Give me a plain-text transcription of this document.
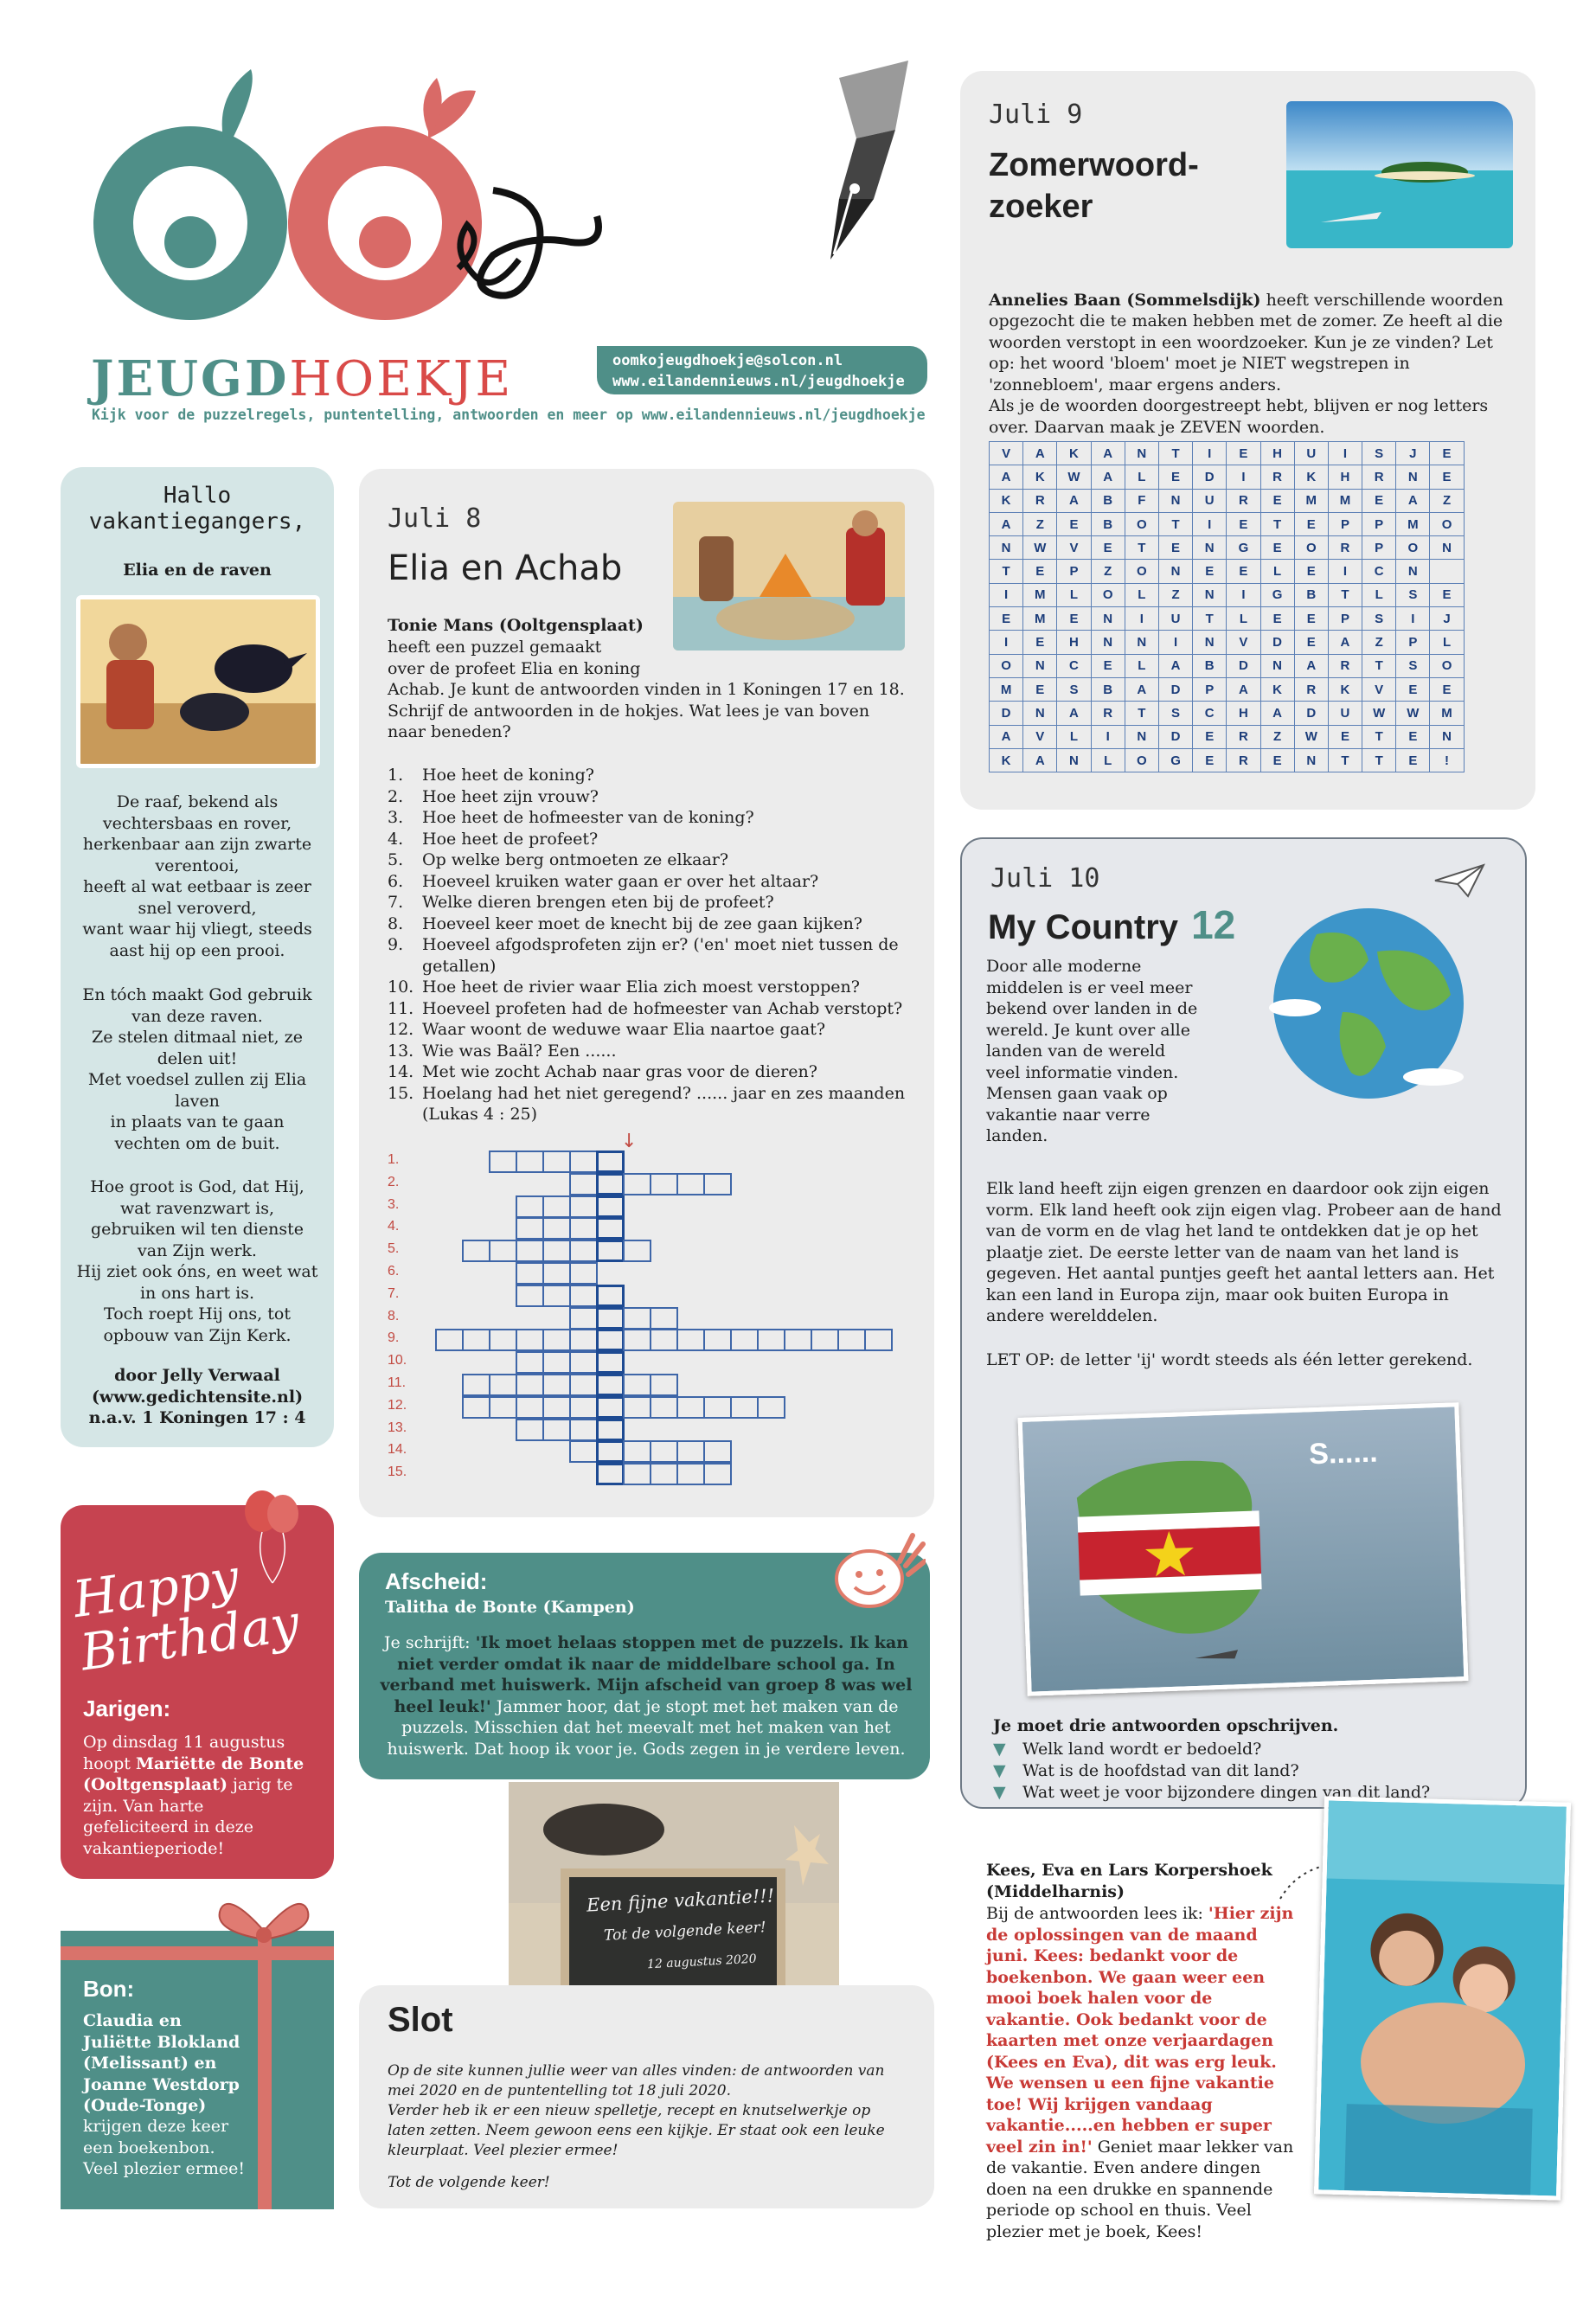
JEUGDHOEKJE	oomkojeugdhoekje@solcon.nl
www.eilandennieuws.nl/jeugdhoekje
Kijk voor de puzzelregels, puntentelling, antwoorden en meer op www.eilandennieuws.nl/jeugdhoekje
Hallo vakantiegangers,
Elia en de raven
De raaf, bekend als
vechtersbaas en rover,
herkenbaar aan zijn zwarte
verentooi,
heeft al wat eetbaar is zeer
snel veroverd,
want waar hij vliegt, steeds
aast hij op een prooi.
En tóch maakt God gebruik
van deze raven.
Ze stelen ditmaal niet, ze
delen uit!
Met voedsel zullen zij Elia
laven
in plaats van te gaan
vechten om de buit.
Hoe groot is God, dat Hij,
wat ravenzwart is,
gebruiken wil ten dienste
van Zijn werk.
Hij ziet ook óns, en weet wat
in ons hart is.
Toch roept Hij ons, tot
opbouw van Zijn Kerk.
door Jelly Verwaal
(www.gedichtensite.nl)
n.a.v. 1 Koningen 17 : 4
Happy Birthday
Jarigen:
Op dinsdag 11 augustus hoopt Mariëtte de Bonte (Ooltgensplaat) jarig te zijn. Van harte gefeliciteerd in deze vakantieperiode!
Bon:
Claudia en Juliëtte Blokland (Melissant) en Joanne Westdorp (Oude-Tonge)
krijgen deze keer een boekenbon. Veel plezier ermee!
Juli 8
Elia en Achab
Tonie Mans (Ooltgensplaat)
heeft een puzzel gemaakt
over de profeet Elia en koning
Achab. Je kunt de antwoorden vinden in 1 Koningen 17 en 18.
Schrijf de antwoorden in de hokjes. Wat lees je van boven
naar beneden?
1.	Hoe heet de koning?
2.	Hoe heet zijn vrouw?
3.	Hoe heet de hofmeester van de koning?
4.	Hoe heet de profeet?
5.	Op welke berg ontmoeten ze elkaar?
6.	Hoeveel kruiken water gaan er over het altaar?
7.	Welke dieren brengen eten bij de profeet?
8.	Hoeveel keer moet de knecht bij de zee gaan kijken?
9.	Hoeveel afgodsprofeten zijn er? ('en' moet niet tussen de getallen)
10. Hoe heet de rivier waar Elia zich moest verstoppen?
11. Hoeveel profeten had de hofmeester van Achab verstopt?
12. Waar woont de weduwe waar Elia naartoe gaat?
13. Wie was Baäl? Een ......
14. Met wie zocht Achab naar gras voor de dieren?
15. Hoelang had het niet geregend? ...... jaar en zes maanden (Lukas 4 : 25)
↓
1.
2.
3.
4.
5.
6.
7.
8.
9.
10.
11.
12.
13.
14.
15.
Afscheid:
Talitha de Bonte (Kampen)
Je schrijft: 'Ik moet helaas stoppen met de puzzels. Ik kan niet verder omdat ik naar de middelbare school ga. In verband met huiswerk. Mijn afscheid van groep 8 was wel heel leuk!' Jammer hoor, dat je stopt met het maken van de puzzels. Misschien dat het meevalt met het maken van het huiswerk. Dat hoop ik voor je. Gods zegen in je verdere leven.
Een fijne vakantie!!!
Tot de volgende keer!
12 augustus 2020
Slot
Op de site kunnen jullie weer van alles vinden: de antwoorden van mei 2020 en de puntentelling tot 18 juli 2020.
Verder heb ik er een nieuw spelletje, recept en knutselwerkje op laten zetten. Neem gewoon eens een kijkje. Er staat ook een leuke kleurplaat. Veel plezier ermee!
Tot de volgende keer!
Juli 9
Zomerwoord-
zoeker

Annelies Baan (Sommelsdijk) heeft verschillende woorden opgezocht die te maken hebben met de zomer. Ze heeft al die woorden verstopt in een woordzoeker. Kun je ze vinden? Let op: het woord 'bloem' moet je NIET wegstrepen in 'zonnebloem', maar ergens anders.
Als je de woorden doorgestreept hebt, blijven er nog letters over. Daarvan maak je ZEVEN woorden.

V	A	K	A	N	T	I	E	H	U	I	S	J	E
A	K	W	A	L	E	D	I	R	K	H	R	N	E
K	R	A	B	F	N	U	R	E	M	M	E	A	Z
A	Z	E	B	O	T	I	E	T	E	P	P	M	O
N	W	V	E	T	E	N	G	E	O	R	P	O	N
T	E	P	Z	O	N	E	E	L	E	I	C	N	
I	M	L	O	L	Z	N	I	G	B	T	L	S	E
E	M	E	N	I	U	T	L	E	E	P	S	I	J
I	E	H	N	N	I	N	V	D	E	A	Z	P	L
O	N	C	E	L	A	B	D	N	A	R	T	S	O
M	E	S	B	A	D	P	A	K	R	K	V	E	E
D	N	A	R	T	S	C	H	A	D	U	W	W	M
A	V	L	I	N	D	E	R	Z	W	E	T	E	N
K	A	N	L	O	G	E	R	E	N	T	T	E	!
Juli 10
My Country 12
Door alle moderne middelen is er veel meer bekend over landen in de wereld. Je kunt over alle landen van de wereld veel informatie vinden. Mensen gaan vaak op vakantie naar verre landen.
Elk land heeft zijn eigen grenzen en daardoor ook zijn eigen vorm. Elk land heeft ook zijn eigen vlag. Probeer aan de hand van de vorm en de vlag het land te ontdekken dat je op het plaatje ziet. De eerste letter van de naam van het land is gegeven. Het aantal puntjes geeft het aantal letters aan. Het kan een land in Europa zijn, maar ook buiten Europa in andere werelddelen.
LET OP: de letter 'ij' wordt steeds als één letter gerekend.
S......
Je moet drie antwoorden opschrijven.
▼	Welk land wordt er bedoeld?
▼	Wat is de hoofdstad van dit land?
▼	Wat weet je voor bijzondere dingen van dit land?
Kees, Eva en Lars Korpershoek (Middelharnis)
Bij de antwoorden lees ik: 'Hier zijn de oplossingen van de maand juni. Kees: bedankt voor de boekenbon. We gaan weer een mooi boek halen voor de vakantie. Ook bedankt voor de kaarten met onze verjaardagen (Kees en Eva), dit was erg leuk. We wensen u een fijne vakantie toe! Wij krijgen vandaag vakantie.....en hebben er super veel zin in!' Geniet maar lekker van de vakantie. Even andere dingen doen na een drukke en spannende periode op school en thuis. Veel plezier met je boek, Kees!
